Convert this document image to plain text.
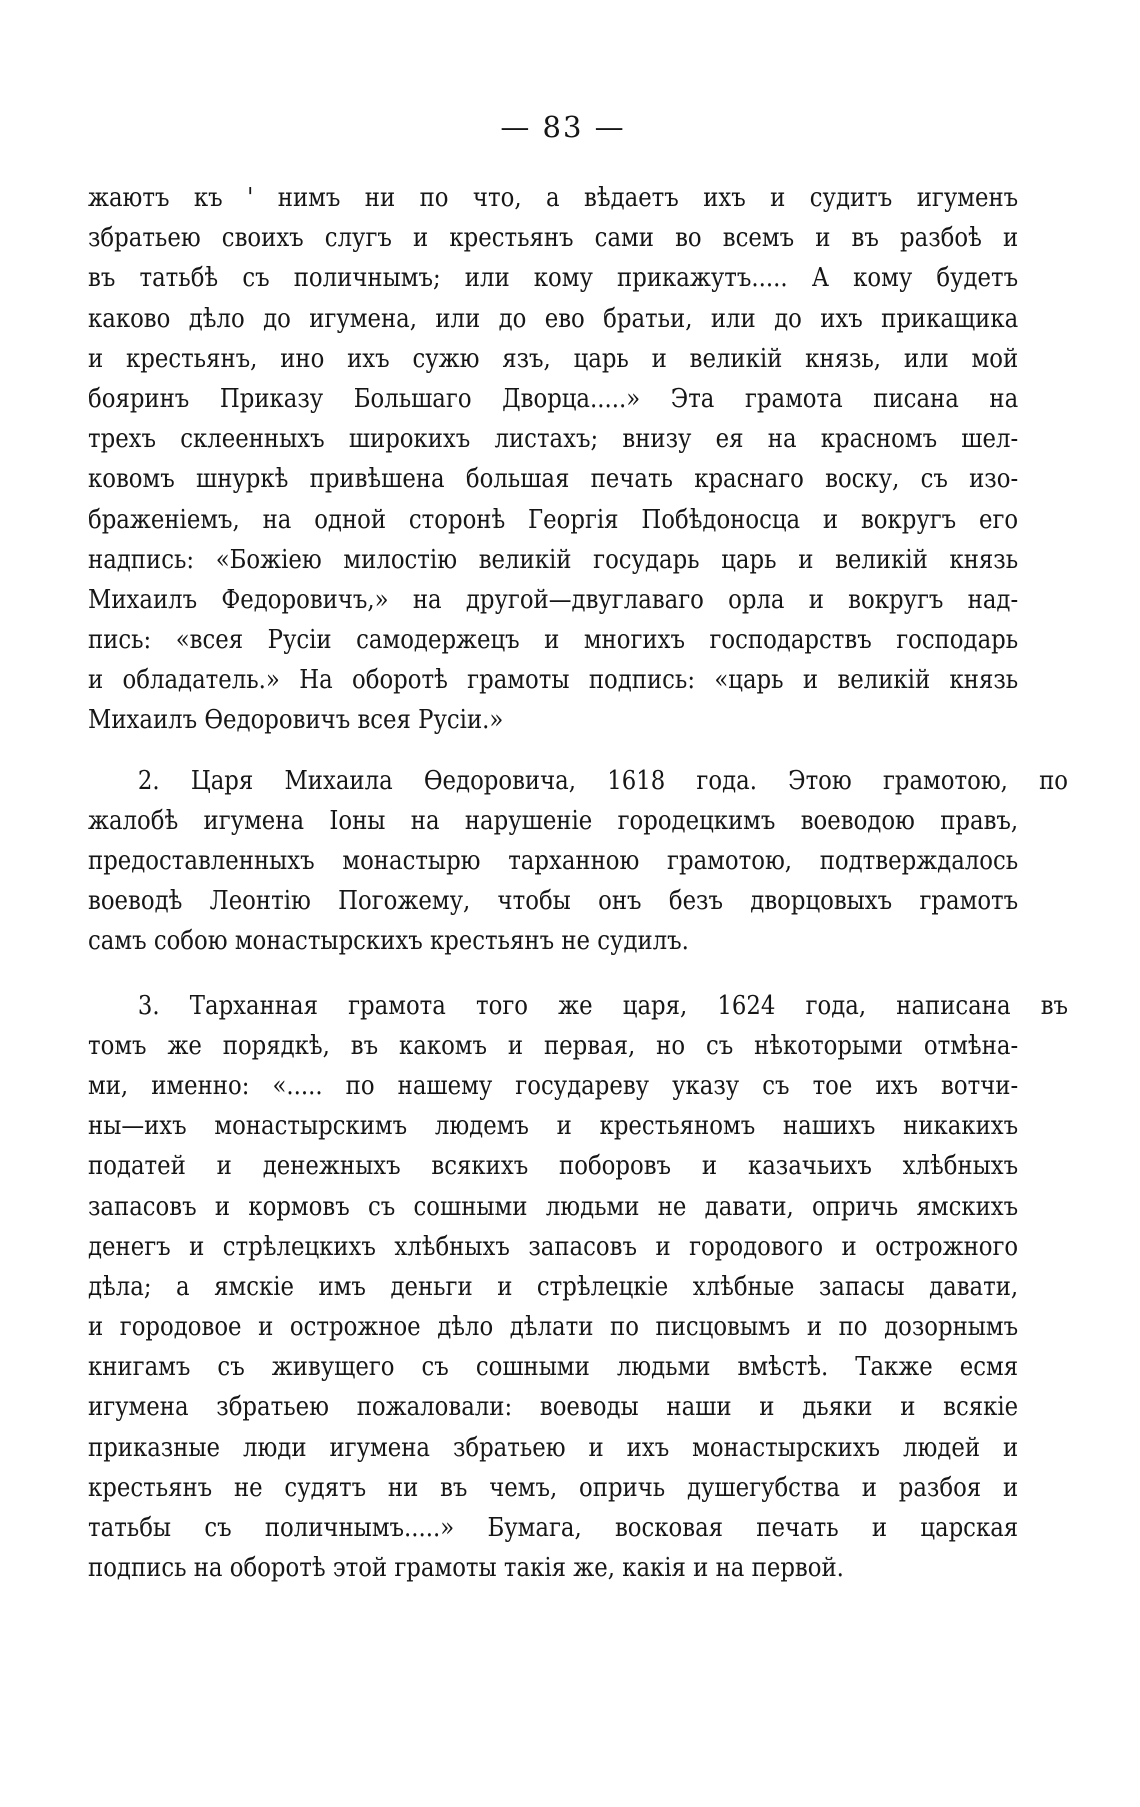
— 83 —
жаютъ къ ' нимъ ни по что, а вѣдаетъ ихъ и судитъ игуменъ
збратьею своихъ слугъ и крестьянъ сами во всемъ и въ разбоѣ и
въ татьбѣ съ поличнымъ; или кому прикажутъ..... А кому будетъ
каково дѣло до игумена, или до ево братьи, или до ихъ прикащика
и крестьянъ, ино ихъ сужю язъ, царь и великій князь, или мой
бояринъ Приказу Большаго Дворца.....» Эта грамота писана на
трехъ склеенныхъ широкихъ листахъ; внизу ея на красномъ шел-
ковомъ шнуркѣ привѣшена большая печать краснаго воску, съ изо-
браженіемъ, на одной сторонѣ Георгія Побѣдоносца и вокругъ его
надпись: «Божіею милостію великій государь царь и великій князь
Михаилъ Федоровичъ,» на другой—двуглаваго орла и вокругъ над-
пись: «всея Русіи самодержецъ и многихъ господарствъ господарь
и обладатель.» На оборотѣ грамоты подпись: «царь и великій князь
Михаилъ Ѳедоровичъ всея Русіи.»
2. Царя Михаила Ѳедоровича, 1618 года. Этою грамотою, по
жалобѣ игумена Іоны на нарушеніе городецкимъ воеводою правъ,
предоставленныхъ монастырю тарханною грамотою, подтверждалось
воеводѣ Леонтію Погожему, чтобы онъ безъ дворцовыхъ грамотъ
самъ собою монастырскихъ крестьянъ не судилъ.
3. Тарханная грамота того же царя, 1624 года, написана въ
томъ же порядкѣ, въ какомъ и первая, но съ нѣкоторыми отмѣна-
ми, именно: «..... по нашему государеву указу съ тое ихъ вотчи-
ны—ихъ монастырскимъ людемъ и крестьяномъ нашихъ никакихъ
податей и денежныхъ всякихъ поборовъ и казачьихъ хлѣбныхъ
запасовъ и кормовъ съ сошными людьми не давати, опричь ямскихъ
денегъ и стрѣлецкихъ хлѣбныхъ запасовъ и городового и острожного
дѣла; а ямскіе имъ деньги и стрѣлецкіе хлѣбные запасы давати,
и городовое и острожное дѣло дѣлати по писцовымъ и по дозорнымъ
книгамъ съ живущего съ сошными людьми вмѣстѣ. Также есмя
игумена збратьею пожаловали: воеводы наши и дьяки и всякіе
приказные люди игумена збратьею и ихъ монастырскихъ людей и
крестьянъ не судятъ ни въ чемъ, опричь душегубства и разбоя и
татьбы съ поличнымъ.....» Бумага, восковая печать и царская
подпись на оборотѣ этой грамоты такія же, какія и на первой.
